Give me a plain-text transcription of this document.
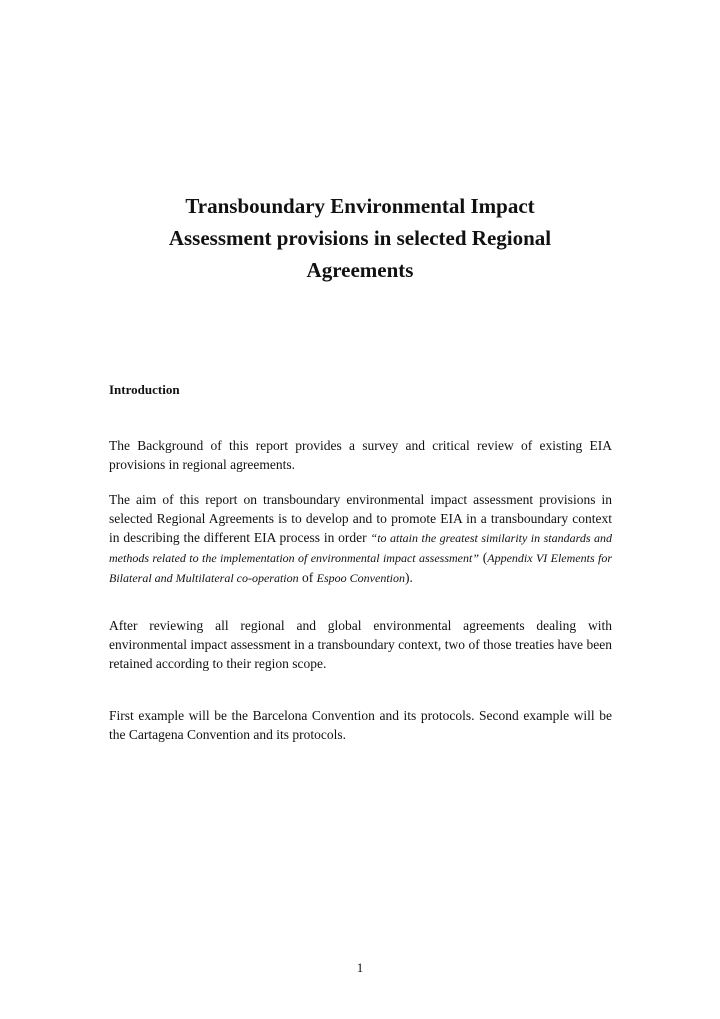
Transboundary Environmental Impact
Assessment provisions in selected Regional
Agreements
Introduction

The Background of this report provides a survey and critical review of existing EIA provisions in regional agreements.

The aim of this report on transboundary environmental impact assessment provisions in selected Regional Agreements is to develop and to promote EIA in a transboundary context in describing the different EIA process in order “to attain the greatest similarity in standards and methods related to the implementation of environmental impact assessment” (Appendix VI Elements for Bilateral and Multilateral co-operation of Espoo Convention).

After reviewing all regional and global environmental agreements dealing with environmental impact assessment in a transboundary context, two of those treaties have been retained according to their region scope.

First example will be the Barcelona Convention and its protocols. Second example will be the Cartagena Convention and its protocols.

1
